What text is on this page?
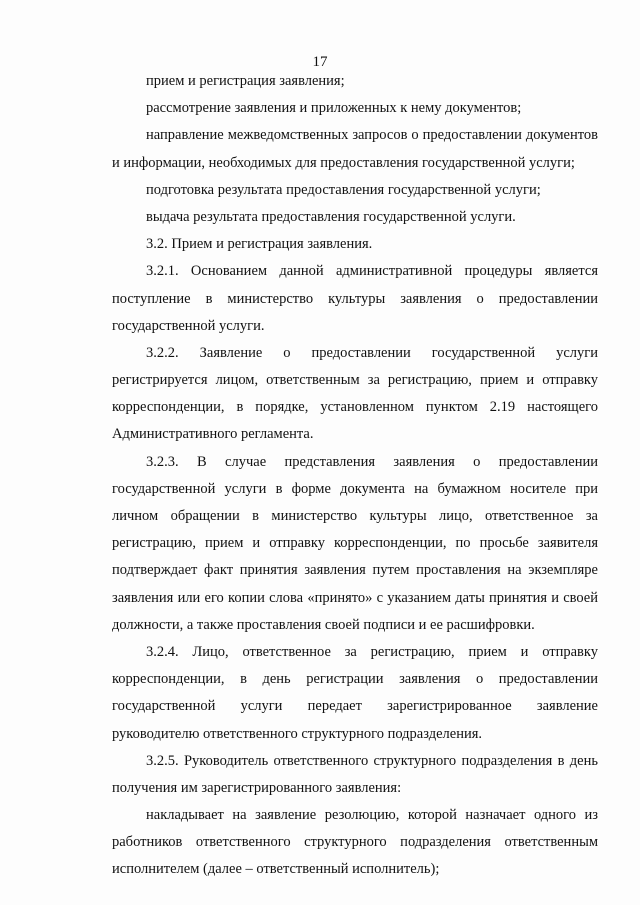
17
прием и регистрация заявления;
рассмотрение заявления и приложенных к нему документов;
направление межведомственных запросов о предоставлении документов
и информации, необходимых для предоставления государственной услуги;
подготовка результата предоставления государственной услуги;
выдача результата предоставления государственной услуги.
3.2. Прием и регистрация заявления.
3.2.1. Основанием данной административной процедуры является
поступление в министерство культуры заявления о предоставлении
государственной услуги.
3.2.2. Заявление о предоставлении государственной услуги
регистрируется лицом, ответственным за регистрацию, прием и отправку
корреспонденции, в порядке, установленном пунктом 2.19 настоящего
Административного регламента.
3.2.3. В случае представления заявления о предоставлении
государственной услуги в форме документа на бумажном носителе при
личном обращении в министерство культуры лицо, ответственное за
регистрацию, прием и отправку корреспонденции, по просьбе заявителя
подтверждает факт принятия заявления путем проставления на экземпляре
заявления или его копии слова «принято» с указанием даты принятия и своей
должности, а также проставления своей подписи и ее расшифровки.
3.2.4. Лицо, ответственное за регистрацию, прием и отправку
корреспонденции, в день регистрации заявления о предоставлении
государственной услуги передает зарегистрированное заявление
руководителю ответственного структурного подразделения.
3.2.5. Руководитель ответственного структурного подразделения в день
получения им зарегистрированного заявления:
накладывает на заявление резолюцию, которой назначает одного из
работников ответственного структурного подразделения ответственным
исполнителем (далее – ответственный исполнитель);
